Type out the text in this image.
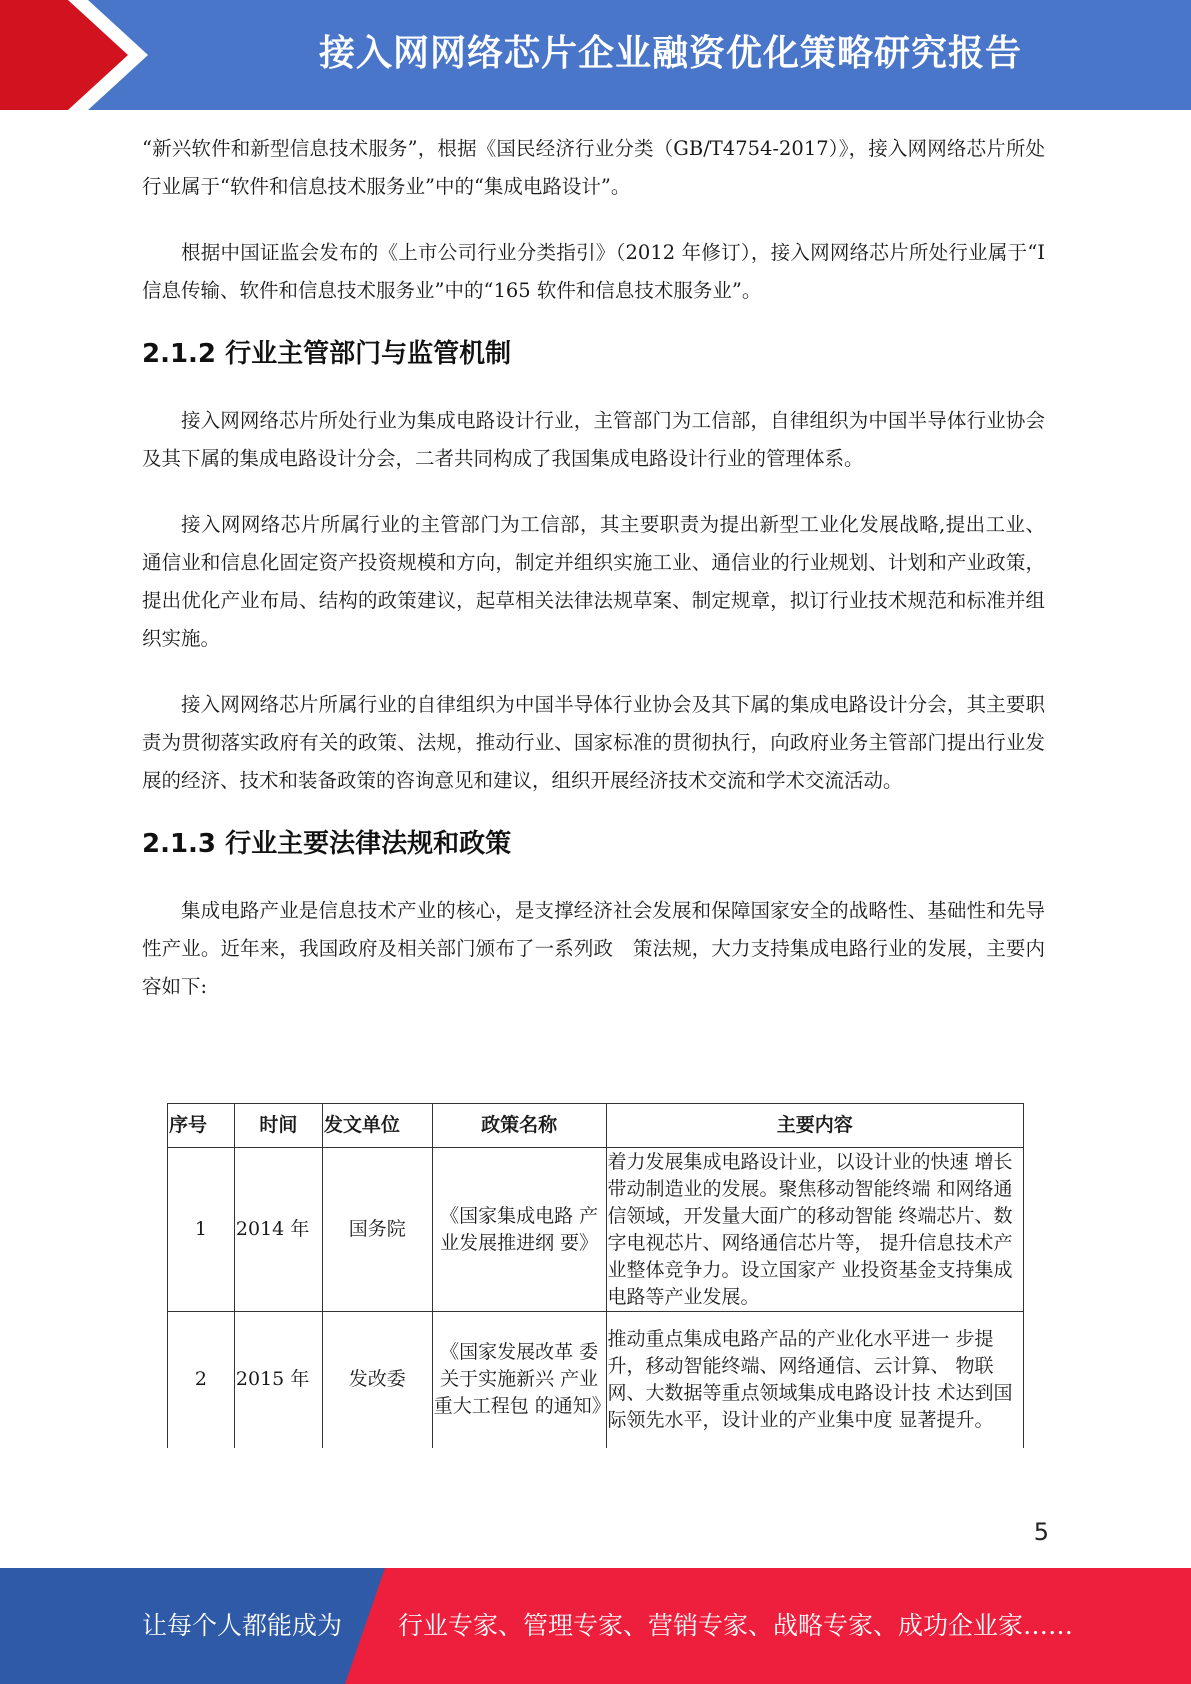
接入网网络芯片企业融资优化策略研究报告

“新兴软件和新型信息技术服务”，根据《国民经济行业分类（GB/T4754-2017）》，接入网网络芯片所处行业属于“软件和信息技术服务业”中的“集成电路设计”。

根据中国证监会发布的《上市公司行业分类指引》（2012 年修订），接入网网络芯片所处行业属于“I 信息传输、软件和信息技术服务业”中的“165 软件和信息技术服务业”。

2.1.2 行业主管部门与监管机制

接入网网络芯片所处行业为集成电路设计行业，主管部门为工信部，自律组织为中国半导体行业协会及其下属的集成电路设计分会，二者共同构成了我国集成电路设计行业的管理体系。

接入网网络芯片所属行业的主管部门为工信部，其主要职责为提出新型工业化发展战略,提出工业、通信业和信息化固定资产投资规模和方向，制定并组织实施工业、通信业的行业规划、计划和产业政策，提出优化产业布局、结构的政策建议，起草相关法律法规草案、制定规章，拟订行业技术规范和标准并组织实施。

接入网网络芯片所属行业的自律组织为中国半导体行业协会及其下属的集成电路设计分会，其主要职责为贯彻落实政府有关的政策、法规，推动行业、国家标准的贯彻执行，向政府业务主管部门提出行业发展的经济、技术和装备政策的咨询意见和建议，组织开展经济技术交流和学术交流活动。

2.1.3 行业主要法律法规和政策

集成电路产业是信息技术产业的核心，是支撑经济社会发展和保障国家安全的战略性、基础性和先导性产业。近年来，我国政府及相关部门颁布了一系列政　策法规，大力支持集成电路行业的发展，主要内容如下:

序号	时间	发文单位	政策名称	主要内容
1	2014 年	国务院	《国家集成电路 产业发展推进纲 要》	着力发展集成电路设计业，以设计业的快速 增长带动制造业的发展。聚焦移动智能终端 和网络通信领域，开发量大面广的移动智能 终端芯片、数字电视芯片、网络通信芯片等， 提升信息技术产业整体竞争力。设立国家产 业投资基金支持集成电路等产业发展。
2	2015 年	发改委	《国家发展改革 委关于实施新兴 产业重大工程包 的通知》	推动重点集成电路产品的产业化水平进一 步提升，移动智能终端、网络通信、云计算、 物联网、大数据等重点领域集成电路设计技 术达到国际领先水平，设计业的产业集中度 显著提升。
5
让每个人都能成为 行业专家、管理专家、营销专家、战略专家、成功企业家……
